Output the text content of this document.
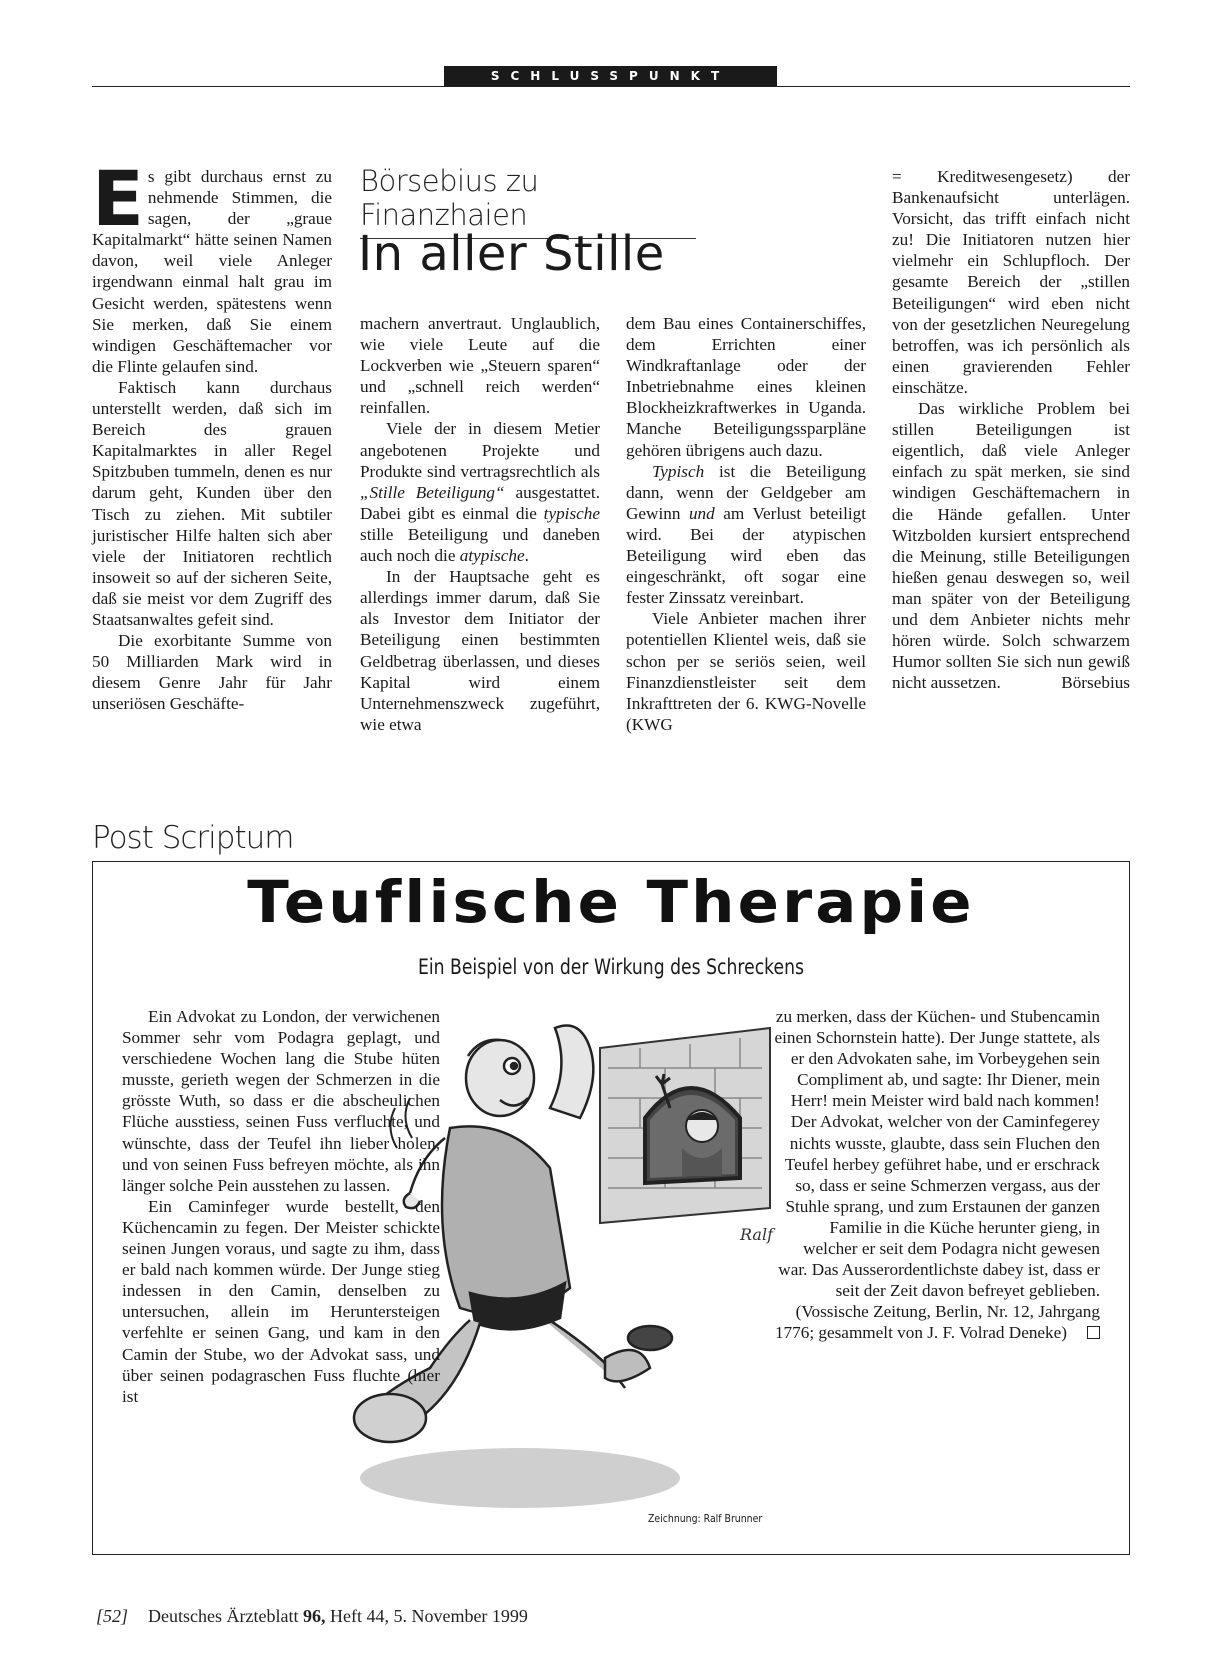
SCHLUSSPUNKT

Es gibt durchaus ernst zu nehmende Stimmen, die sagen, der „graue Kapitalmarkt“ hätte seinen Namen davon, weil viele Anleger irgendwann einmal halt grau im Gesicht werden, spätestens wenn Sie merken, daß Sie einem windigen Geschäftemacher vor die Flinte gelaufen sind.

Faktisch kann durchaus unterstellt werden, daß sich im Bereich des grauen Kapitalmarktes in aller Regel Spitzbuben tummeln, denen es nur darum geht, Kunden über den Tisch zu ziehen. Mit subtiler juristischer Hilfe halten sich aber viele der Initiatoren rechtlich insoweit so auf der sicheren Seite, daß sie meist vor dem Zugriff des Staatsanwaltes gefeit sind.

Die exorbitante Summe von 50 Milliarden Mark wird in diesem Genre Jahr für Jahr unseriösen Geschäfte-

Börsebius zu Finanzhaien
In aller Stille

machern anvertraut. Unglaublich, wie viele Leute auf die Lockverben wie „Steuern sparen“ und „schnell reich werden“ reinfallen.

Viele der in diesem Metier angebotenen Projekte und Produkte sind vertragsrechtlich als „Stille Beteiligung“ ausgestattet. Dabei gibt es einmal die typische stille Beteiligung und daneben auch noch die atypische.

In der Hauptsache geht es allerdings immer darum, daß Sie als Investor dem Initiator der Beteiligung einen bestimmten Geldbetrag überlassen, und dieses Kapital wird einem Unternehmenszweck zugeführt, wie etwa

dem Bau eines Containerschiffes, dem Errichten einer Windkraftanlage oder der Inbetriebnahme eines kleinen Blockheizkraftwerkes in Uganda. Manche Beteiligungssparpläne gehören übrigens auch dazu.

Typisch ist die Beteiligung dann, wenn der Geldgeber am Gewinn und am Verlust beteiligt wird. Bei der atypischen Beteiligung wird eben das eingeschränkt, oft sogar eine fester Zinssatz vereinbart.

Viele Anbieter machen ihrer potentiellen Klientel weis, daß sie schon per se seriös seien, weil Finanzdienstleister seit dem Inkrafttreten der 6. KWG-Novelle (KWG

= Kreditwesengesetz) der Bankenaufsicht unterlägen. Vorsicht, das trifft einfach nicht zu! Die Initiatoren nutzen hier vielmehr ein Schlupfloch. Der gesamte Bereich der „stillen Beteiligungen“ wird eben nicht von der gesetzlichen Neuregelung betroffen, was ich persönlich als einen gravierenden Fehler einschätze.

Das wirkliche Problem bei stillen Beteiligungen ist eigentlich, daß viele Anleger einfach zu spät merken, sie sind windigen Geschäftemachern in die Hände gefallen. Unter Witzbolden kursiert entsprechend die Meinung, stille Beteiligungen hießen genau deswegen so, weil man später von der Beteiligung und dem Anbieter nichts mehr hören würde. Solch schwarzem Humor sollten Sie sich nun gewiß nicht aussetzen.	Börsebius

Post Scriptum
Teuflische Therapie
Ein Beispiel von der Wirkung des Schreckens
Ralf

Ein Advokat zu London, der verwichenen Sommer sehr vom Podagra geplagt, und verschiedene Wochen lang die Stube hüten musste, gerieth wegen der Schmerzen in die grösste Wuth, so dass er die abscheulichen Flüche ausstiess, seinen Fuss verfluchte, und wünschte, dass der Teufel ihn lieber holen, und von seinen Fuss befreyen möchte, als ihn länger solche Pein ausstehen zu lassen.

Ein Caminfeger wurde bestellt, den Küchencamin zu fegen. Der Meister schickte seinen Jungen voraus, und sagte zu ihm, dass er bald nach kommen würde. Der Junge stieg indessen in den Camin, denselben zu untersuchen, allein im Heruntersteigen verfehlte er seinen Gang, und kam in den Camin der Stube, wo der Advokat sass, und über seinen podagraschen Fuss fluchte (hier ist

zu merken, dass der Küchen- und Stubencamin einen Schornstein hatte). Der Junge stattete, als er den Advokaten sahe, im Vorbeygehen sein Compliment ab, und sagte: Ihr Diener, mein Herr! mein Meister wird bald nach kommen!

Der Advokat, welcher von der Caminfegerey nichts wusste, glaubte, dass sein Fluchen den Teufel herbey geführet habe, und er erschrack so, dass er seine Schmerzen vergass, aus der Stuhle sprang, und zum Erstaunen der ganzen Familie in die Küche herunter gieng, in welcher er seit dem Podagra nicht gewesen war. Das Ausserordentlichste dabey ist, dass er seit der Zeit davon befreyet geblieben. (Vossische Zeitung, Berlin, Nr. 12, Jahrgang 1776; gesammelt von J. F. Volrad Deneke)

Zeichnung: Ralf Brunner
[52] Deutsches Ärzteblatt 96, Heft 44, 5. November 1999
